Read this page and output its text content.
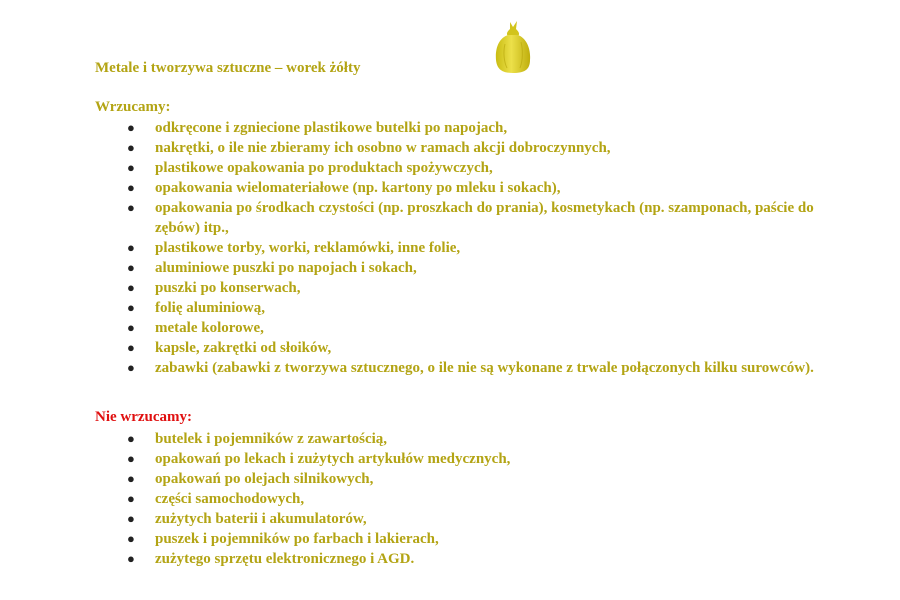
Metale i tworzywa sztuczne – worek żółty
Wrzucamy:
● odkręcone i zgniecione plastikowe butelki po napojach,
● nakrętki, o ile nie zbieramy ich osobno w ramach akcji dobroczynnych,
● plastikowe opakowania po produktach spożywczych,
● opakowania wielomateriałowe (np. kartony po mleku i sokach),
● opakowania po środkach czystości (np. proszkach do prania), kosmetykach (np. szamponach, paście do zębów) itp.,
● plastikowe torby, worki, reklamówki, inne folie,
● aluminiowe puszki po napojach i sokach,
● puszki po konserwach,
● folię aluminiową,
● metale kolorowe,
● kapsle, zakrętki od słoików,
● zabawki (zabawki z tworzywa sztucznego, o ile nie są wykonane z trwale połączonych kilku surowców).
Nie wrzucamy:
● butelek i pojemników z zawartością,
● opakowań po lekach i zużytych artykułów medycznych,
● opakowań po olejach silnikowych,
● części samochodowych,
● zużytych baterii i akumulatorów,
● puszek i pojemników po farbach i lakierach,
● zużytego sprzętu elektronicznego i AGD.
